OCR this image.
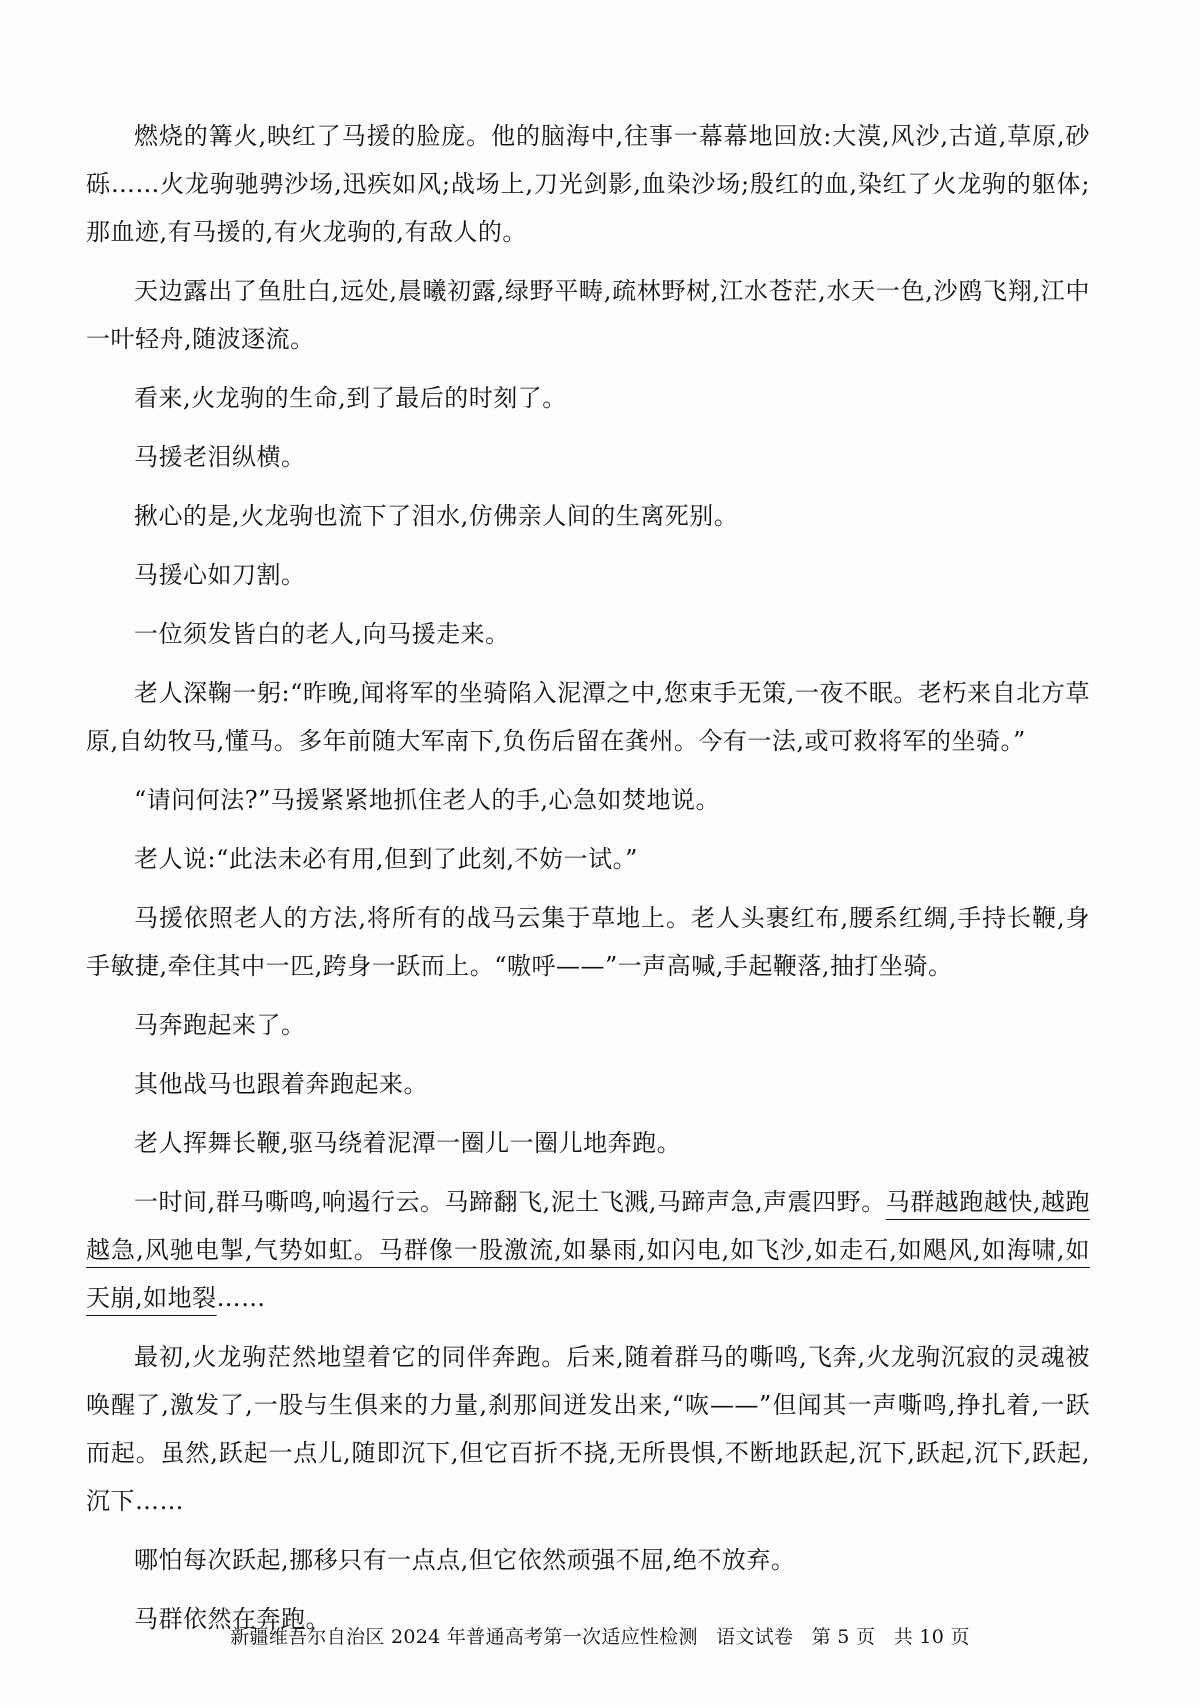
燃烧的篝火,映红了马援的脸庞。他的脑海中,往事一幕幕地回放:大漠,风沙,古道,草原,砂砾……火龙驹驰骋沙场,迅疾如风;战场上,刀光剑影,血染沙场;殷红的血,染红了火龙驹的躯体;那血迹,有马援的,有火龙驹的,有敌人的。

天边露出了鱼肚白,远处,晨曦初露,绿野平畴,疏林野树,江水苍茫,水天一色,沙鸥飞翔,江中一叶轻舟,随波逐流。

看来,火龙驹的生命,到了最后的时刻了。

马援老泪纵横。

揪心的是,火龙驹也流下了泪水,仿佛亲人间的生离死别。

马援心如刀割。

一位须发皆白的老人,向马援走来。

老人深鞠一躬:“昨晚,闻将军的坐骑陷入泥潭之中,您束手无策,一夜不眠。老朽来自北方草原,自幼牧马,懂马。多年前随大军南下,负伤后留在龚州。今有一法,或可救将军的坐骑。”

“请问何法?”马援紧紧地抓住老人的手,心急如焚地说。

老人说:“此法未必有用,但到了此刻,不妨一试。”

马援依照老人的方法,将所有的战马云集于草地上。老人头裹红布,腰系红绸,手持长鞭,身手敏捷,牵住其中一匹,跨身一跃而上。“嗷呼——”一声高喊,手起鞭落,抽打坐骑。

马奔跑起来了。

其他战马也跟着奔跑起来。

老人挥舞长鞭,驱马绕着泥潭一圈儿一圈儿地奔跑。

一时间,群马嘶鸣,响遏行云。马蹄翻飞,泥土飞溅,马蹄声急,声震四野。马群越跑越快,越跑越急,风驰电掣,气势如虹。马群像一股激流,如暴雨,如闪电,如飞沙,如走石,如飓风,如海啸,如天崩,如地裂……

最初,火龙驹茫然地望着它的同伴奔跑。后来,随着群马的嘶鸣,飞奔,火龙驹沉寂的灵魂被唤醒了,激发了,一股与生俱来的力量,刹那间迸发出来,“咴——”但闻其一声嘶鸣,挣扎着,一跃而起。虽然,跃起一点儿,随即沉下,但它百折不挠,无所畏惧,不断地跃起,沉下,跃起,沉下,跃起,沉下……

哪怕每次跃起,挪移只有一点点,但它依然顽强不屈,绝不放弃。

马群依然在奔跑。

新疆维吾尔自治区 2024 年普通高考第一次适应性检测 语文试卷 第 5 页 共 10 页
